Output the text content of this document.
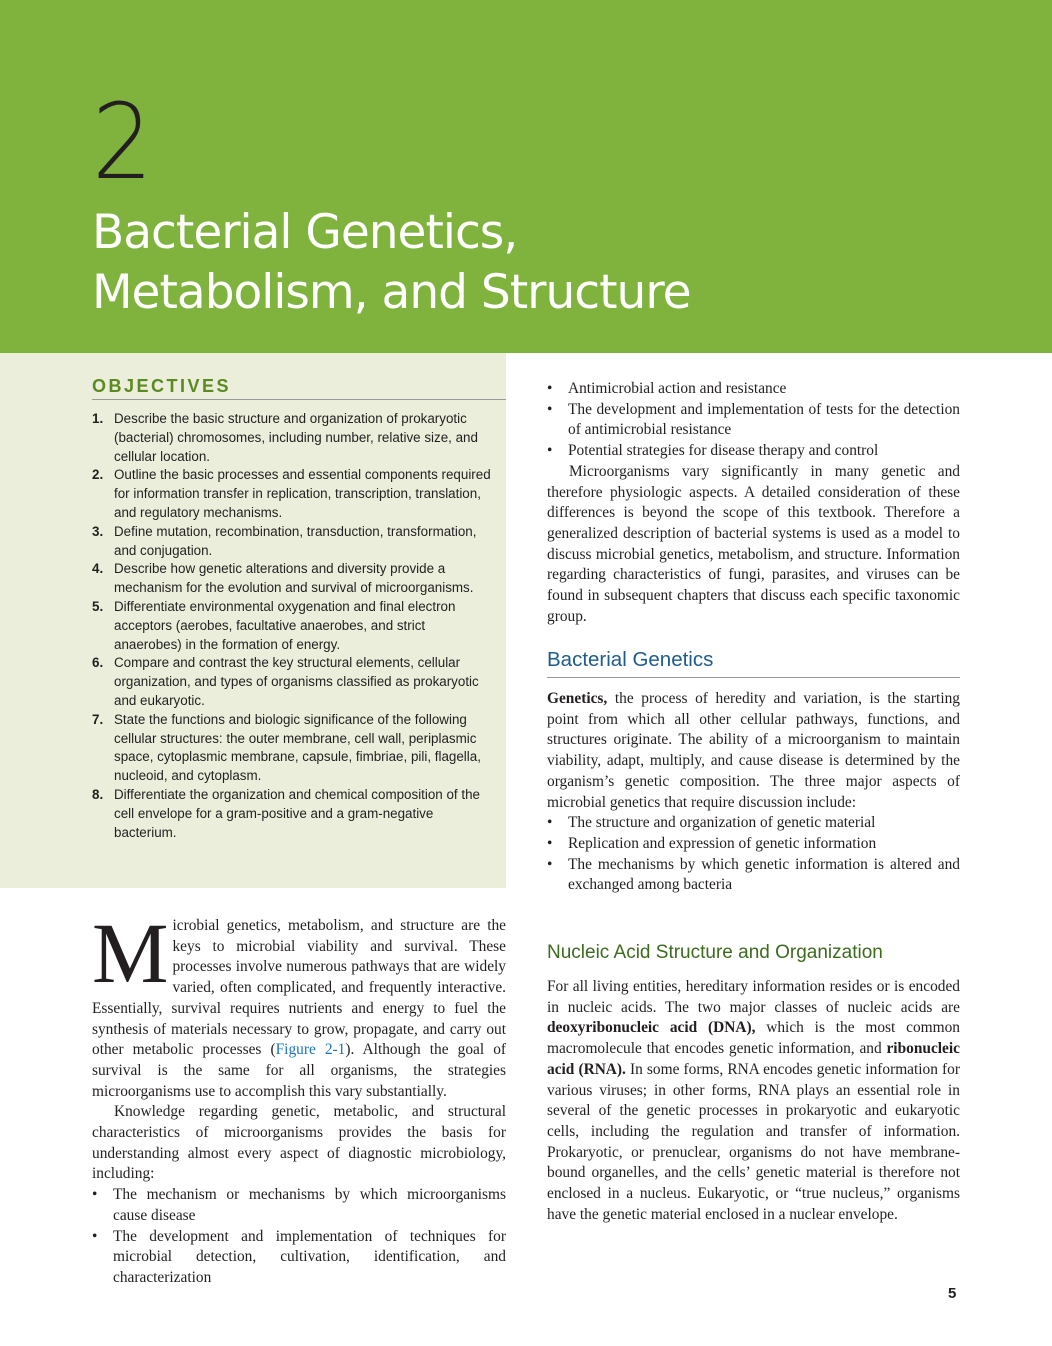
2
Bacterial Genetics,
Metabolism, and Structure
OBJECTIVES
1. Describe the basic structure and organization of prokaryotic (bacterial) chromosomes, including number, relative size, and cellular location.
2. Outline the basic processes and essential components required for information transfer in replication, transcription, translation, and regulatory mechanisms.
3. Define mutation, recombination, transduction, transformation, and conjugation.
4. Describe how genetic alterations and diversity provide a mechanism for the evolution and survival of microorganisms.
5. Differentiate environmental oxygenation and final electron acceptors (aerobes, facultative anaerobes, and strict anaerobes) in the formation of energy.
6. Compare and contrast the key structural elements, cellular organization, and types of organisms classified as prokaryotic and eukaryotic.
7. State the functions and biologic significance of the following cellular structures: the outer membrane, cell wall, periplasmic space, cytoplasmic membrane, capsule, fimbriae, pili, flagella, nucleoid, and cytoplasm.
8. Differentiate the organization and chemical composition of the cell envelope for a gram-positive and a gram-negative bacterium.

Microbial genetics, metabolism, and structure are the keys to microbial viability and survival. These processes involve numerous pathways that are widely varied, often complicated, and frequently interactive. Essentially, survival requires nutrients and energy to fuel the synthesis of materials necessary to grow, propagate, and carry out other metabolic processes (Figure 2-1). Although the goal of survival is the same for all organisms, the strategies microorganisms use to accomplish this vary substantially.

Knowledge regarding genetic, metabolic, and structural characteristics of microorganisms provides the basis for understanding almost every aspect of diagnostic microbiology, including:

• The mechanism or mechanisms by which microorganisms cause disease
• The development and implementation of techniques for microbial detection, cultivation, identification, and characterization
• Antimicrobial action and resistance
• The development and implementation of tests for the detection of antimicrobial resistance
• Potential strategies for disease therapy and control

Microorganisms vary significantly in many genetic and therefore physiologic aspects. A detailed consideration of these differences is beyond the scope of this textbook. Therefore a generalized description of bacterial systems is used as a model to discuss microbial genetics, metabolism, and structure. Information regarding characteristics of fungi, parasites, and viruses can be found in subsequent chapters that discuss each specific taxonomic group.

Bacterial Genetics

Genetics, the process of heredity and variation, is the starting point from which all other cellular pathways, functions, and structures originate. The ability of a microorganism to maintain viability, adapt, multiply, and cause disease is determined by the organism’s genetic composition. The three major aspects of microbial genetics that require discussion include:

• The structure and organization of genetic material
• Replication and expression of genetic information
• The mechanisms by which genetic information is altered and exchanged among bacteria
Nucleic Acid Structure and Organization

For all living entities, hereditary information resides or is encoded in nucleic acids. The two major classes of nucleic acids are deoxyribonucleic acid (DNA), which is the most common macromolecule that encodes genetic information, and ribonucleic acid (RNA). In some forms, RNA encodes genetic information for various viruses; in other forms, RNA plays an essential role in several of the genetic processes in prokaryotic and eukaryotic cells, including the regulation and transfer of information. Prokaryotic, or prenuclear, organisms do not have membrane-bound organelles, and the cells’ genetic material is therefore not enclosed in a nucleus. Eukaryotic, or “true nucleus,” organisms have the genetic material enclosed in a nuclear envelope.

5
